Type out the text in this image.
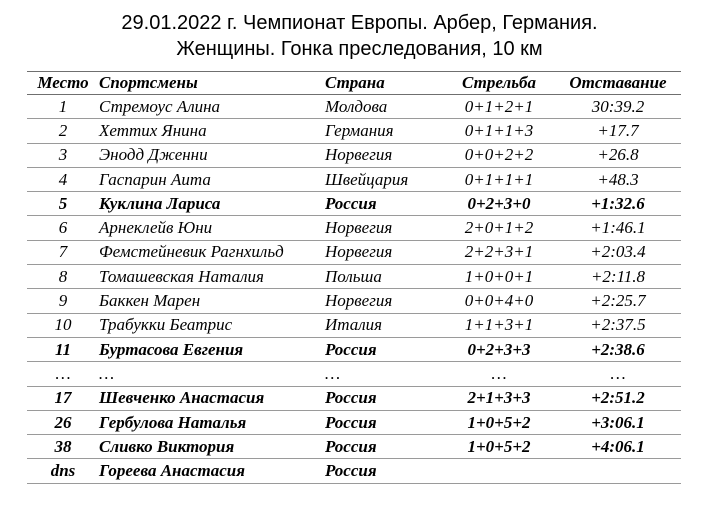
29.01.2022 г. Чемпионат Европы. Арбер, Германия.
Женщины. Гонка преследования, 10 км
Место	Спортсмены	Страна	Стрельба	Отставание
1	Стремоус Алина	Молдова	0+1+2+1	30:39.2
2	Хеттих Янина	Германия	0+1+1+3	+17.7
3	Энодд Дженни	Норвегия	0+0+2+2	+26.8
4	Гаспарин Аита	Швейцария	0+1+1+1	+48.3
5	Куклина Лариса	Россия	0+2+3+0	+1:32.6
6	Арнеклейв Юни	Норвегия	2+0+1+2	+1:46.1
7	Фемстейневик Рагнхильд	Норвегия	2+2+3+1	+2:03.4
8	Томашевская Наталия	Польша	1+0+0+1	+2:11.8
9	Баккен Марен	Норвегия	0+0+4+0	+2:25.7
10	Трабукки Беатрис	Италия	1+1+3+1	+2:37.5
11	Буртасова Евгения	Россия	0+2+3+3	+2:38.6
…	…	…	…	…
17	Шевченко Анастасия	Россия	2+1+3+3	+2:51.2
26	Гербулова Наталья	Россия	1+0+5+2	+3:06.1
38	Сливко Виктория	Россия	1+0+5+2	+4:06.1
dns	Гореева Анастасия	Россия		
